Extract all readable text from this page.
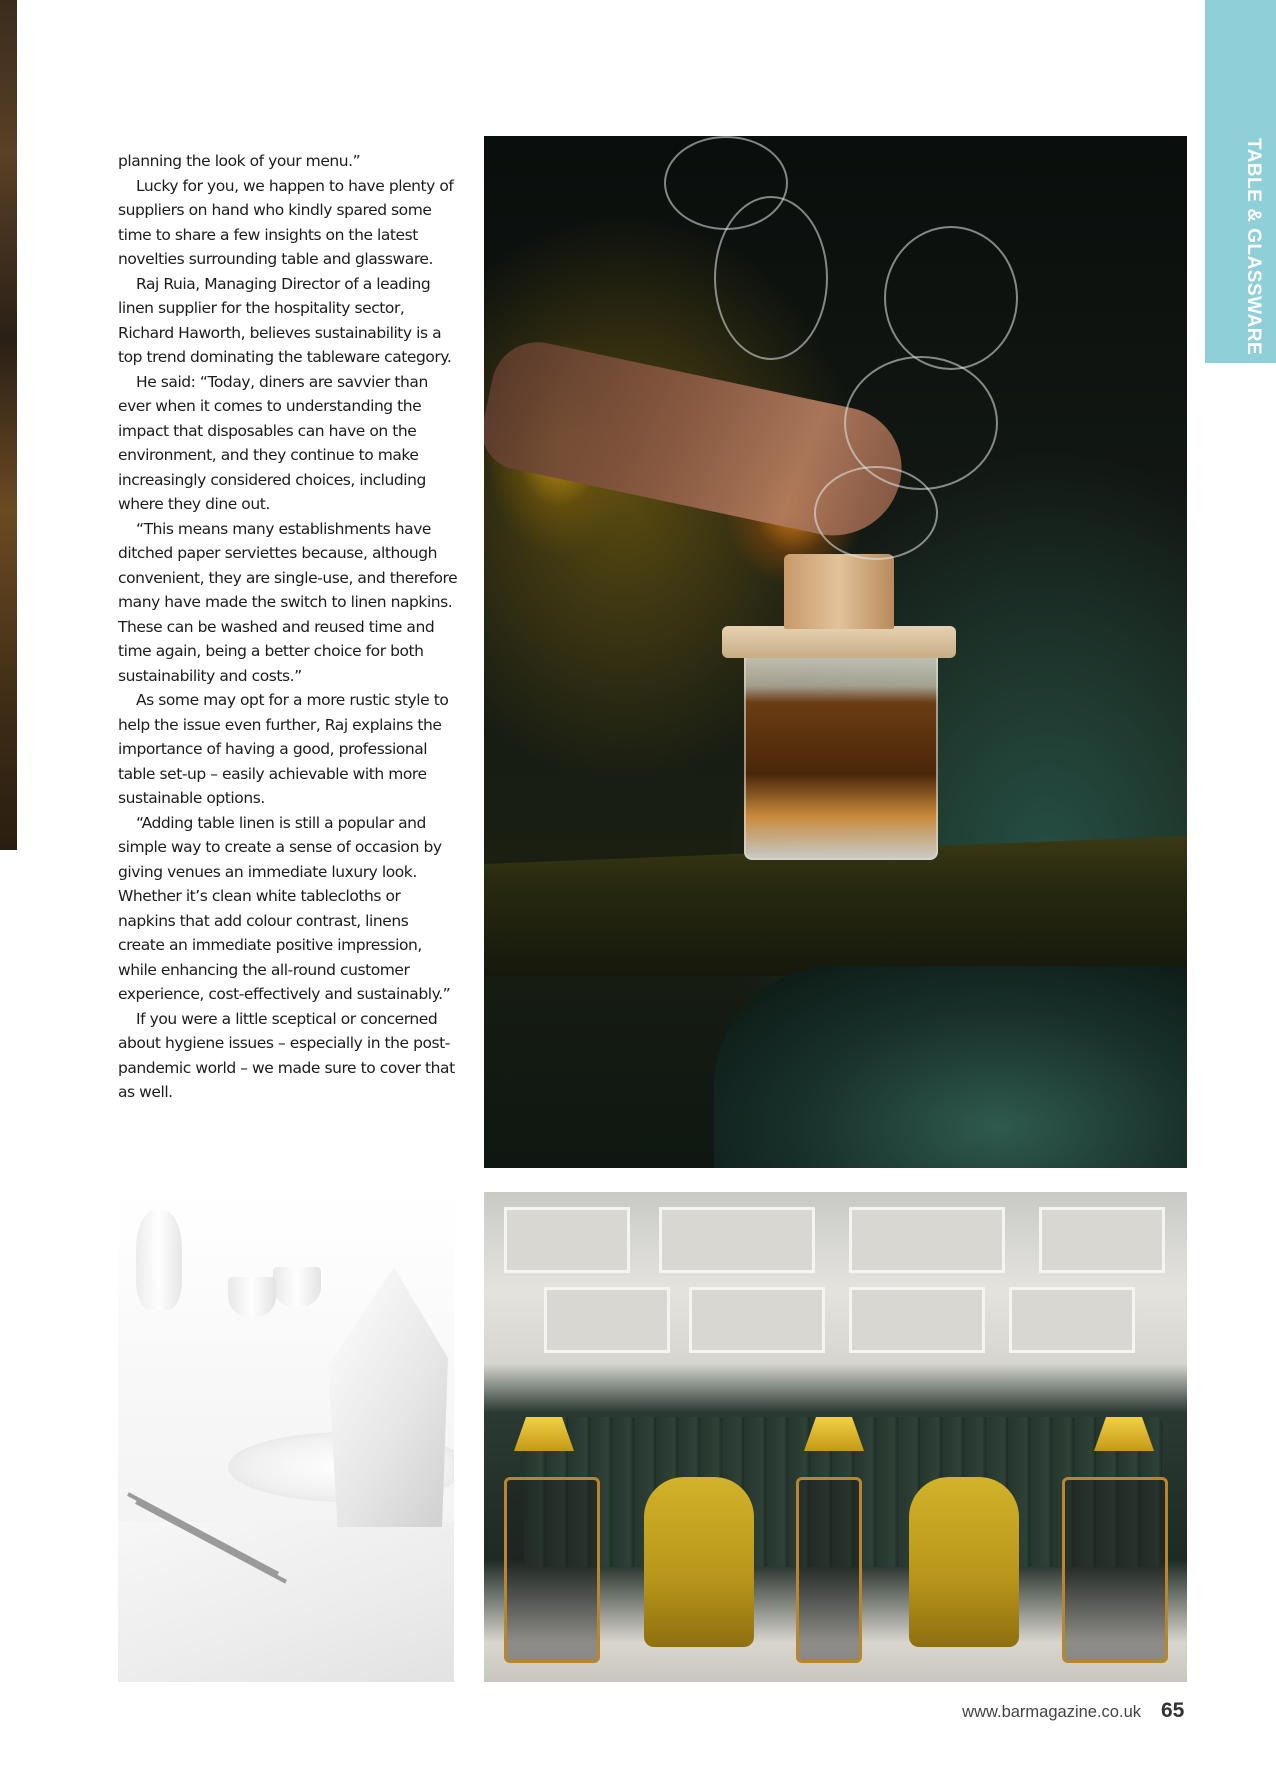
TABLE & GLASSWARE

planning the look of your menu.”

Lucky for you, we happen to have plenty of suppliers on hand who kindly spared some time to share a few insights on the latest novelties surrounding table and glassware.

Raj Ruia, Managing Director of a leading linen supplier for the hospitality sector, Richard Haworth, believes sustainability is a top trend dominating the tableware category.

He said: “Today, diners are savvier than ever when it comes to understanding the impact that disposables can have on the environment, and they continue to make increasingly considered choices, including where they dine out.

“This means many establishments have ditched paper serviettes because, although convenient, they are single-use, and therefore many have made the switch to linen napkins. These can be washed and reused time and time again, being a better choice for both sustainability and costs.”

As some may opt for a more rustic style to help the issue even further, Raj explains the importance of having a good, professional table set-up – easily achievable with more sustainable options.

“Adding table linen is still a popular and simple way to create a sense of occasion by giving venues an immediate luxury look. Whether it’s clean white tablecloths or napkins that add colour contrast, linens create an immediate positive impression, while enhancing the all-round customer experience, cost-effectively and sustainably.”

If you were a little sceptical or concerned about hygiene issues – especially in the post-pandemic world – we made sure to cover that as well.

www.barmagazine.co.uk 65
